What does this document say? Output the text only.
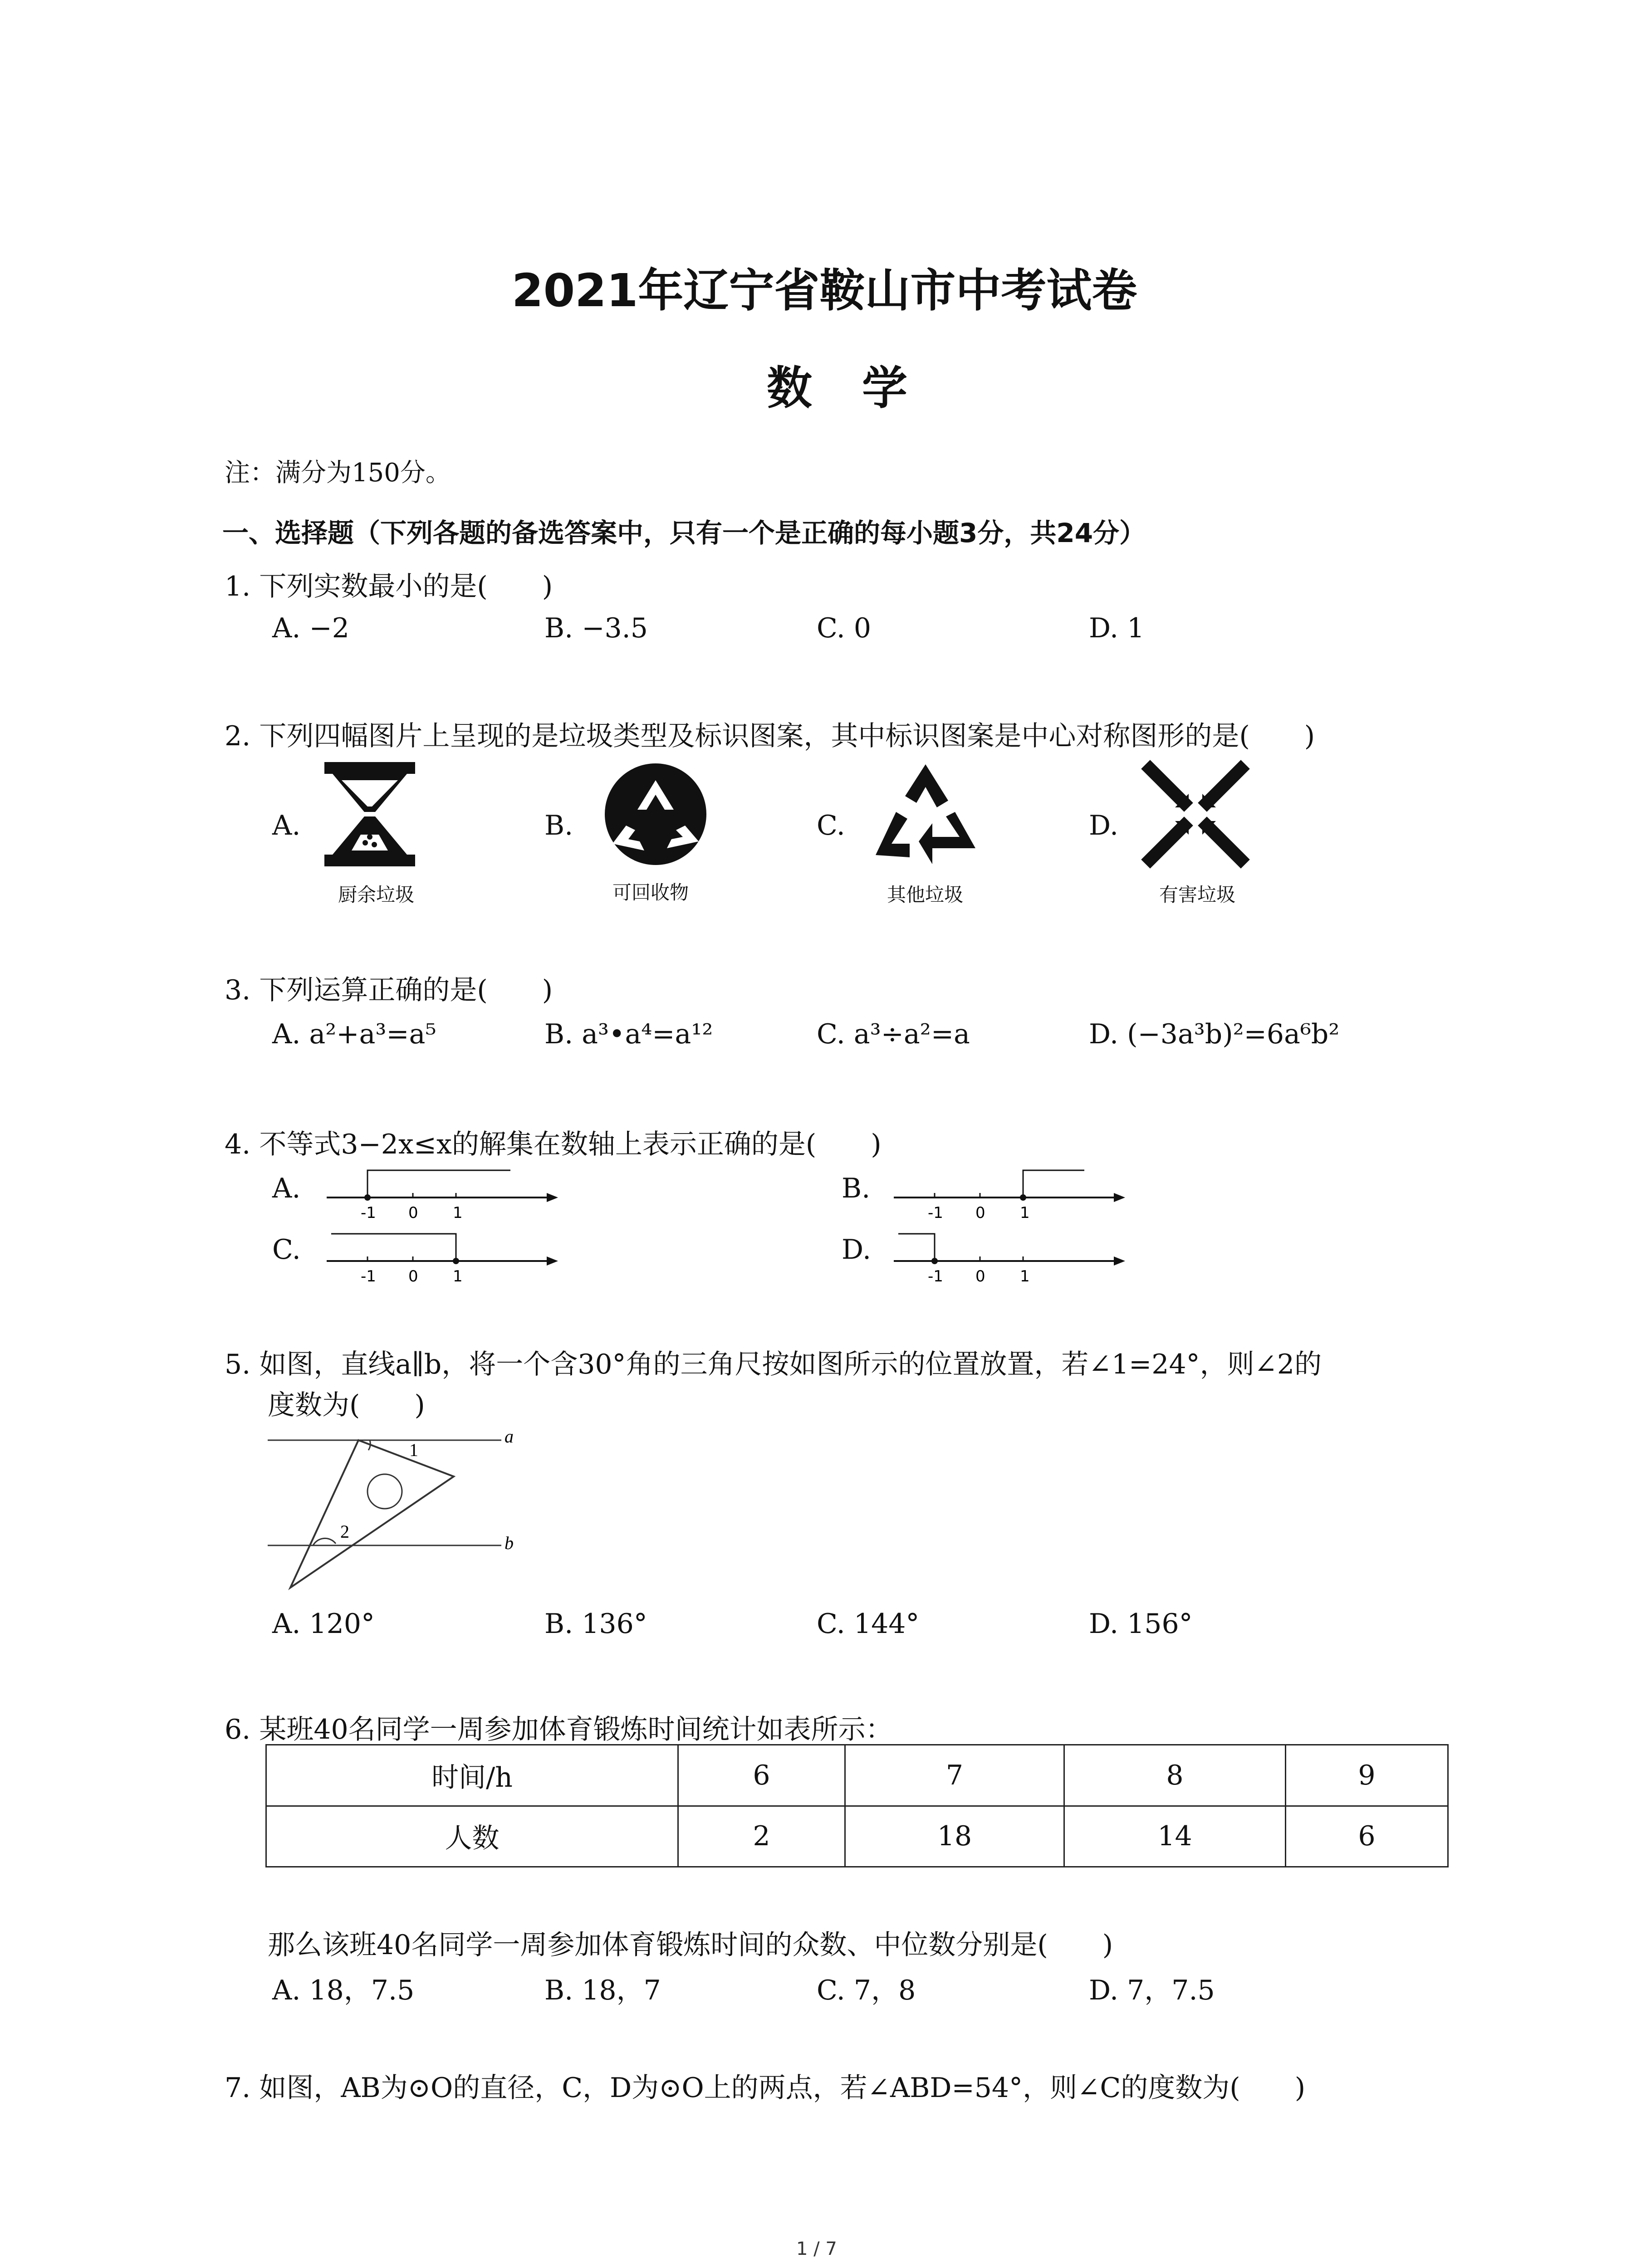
2021年辽宁省鞍山市中考试卷
数学
注：满分为150分。
一、选择题（下列各题的备选答案中，只有一个是正确的每小题3分，共24分）
1. 下列实数最小的是(　　)
A. −2	B. −3.5	C. 0	D. 1
2. 下列四幅图片上呈现的是垃圾类型及标识图案，其中标识图案是中心对称图形的是(　　)
A.	B.	C.	D.
厨余垃圾	可回收物	其他垃圾	有害垃圾
3. 下列运算正确的是(　　)
A. a²+a³=a⁵	B. a³•a⁴=a¹²	C. a³÷a²=a	D. (−3a³b)²=6a⁶b²
4. 不等式3−2x≤x的解集在数轴上表示正确的是(　　)
A.	B.
C.	D.
-1 0 1	-1 0 1
-1 0 1	-1 0 1
5. 如图，直线a∥b，将一个含30°角的三角尺按如图所示的位置放置，若∠1=24°，则∠2的
度数为(　　)
a
b
1
2
A. 120°	B. 136°	C. 144°	D. 156°
6. 某班40名同学一周参加体育锻炼时间统计如表所示：
时间/h	6	7	8	9
人数	2	18	14	6
那么该班40名同学一周参加体育锻炼时间的众数、中位数分别是(　　)
A. 18，7.5	B. 18，7	C. 7，8	D. 7，7.5
7. 如图，AB为⊙O的直径，C，D为⊙O上的两点，若∠ABD=54°，则∠C的度数为(　　)
1 / 7
